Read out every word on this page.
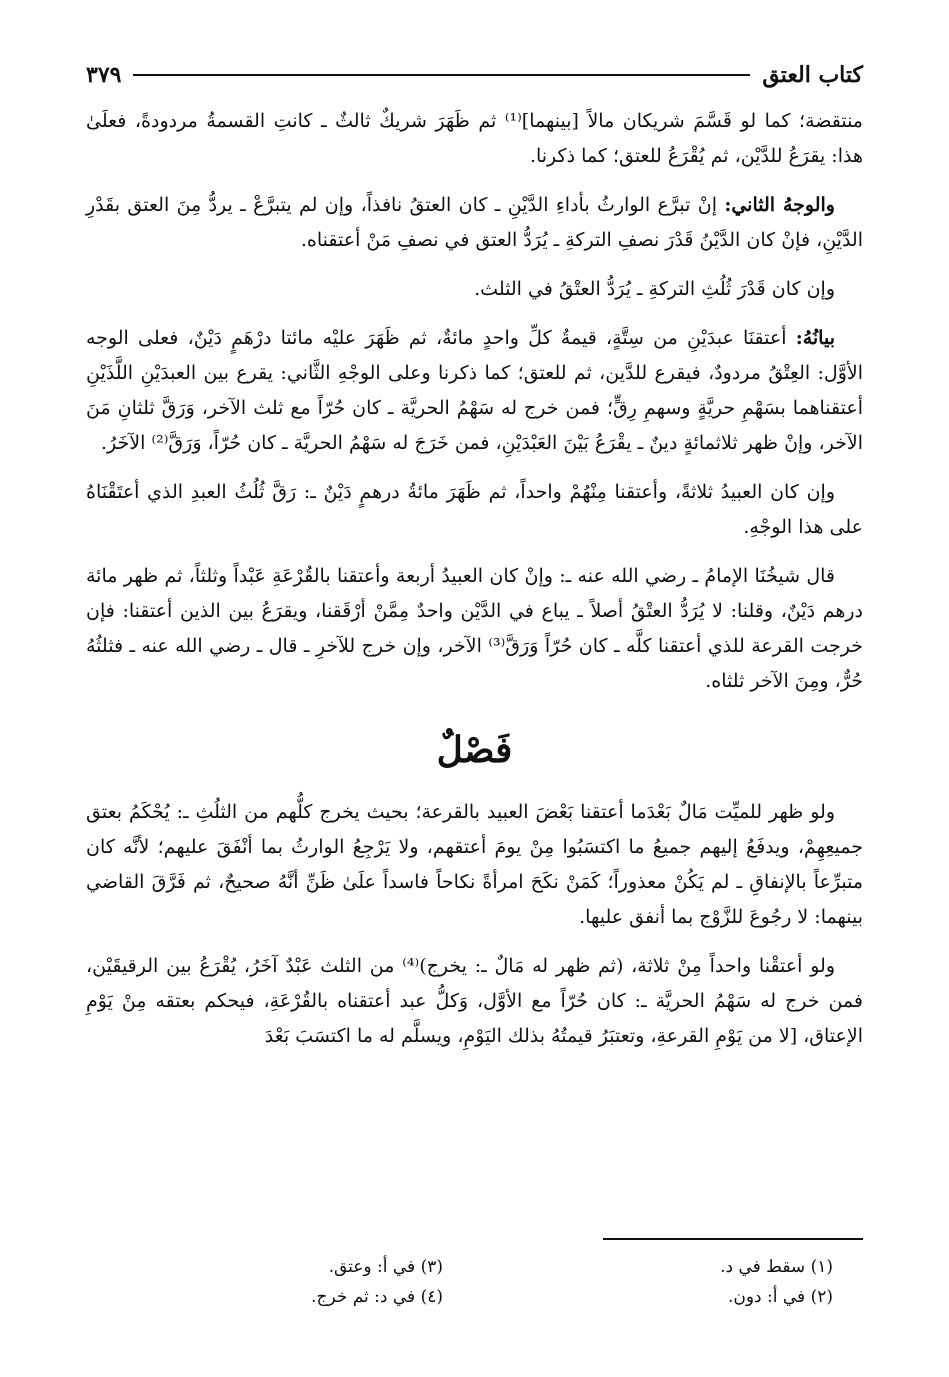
كتاب العتق
٣٧٩

منتقضة؛ كما لو قَسَّمَ شريكان مالاً [بينهما]⁽¹⁾ ثم ظَهَرَ شريكٌ ثالثٌ ـ كانتِ القسمةُ مردودةً، فعلَىٰ هذا: يقرَعُ للدَّيْن، ثم يُقْرَعُ للعتق؛ كما ذكرنا.

والوجهُ الثاني: إنْ تبرَّع الوارثُ بأداءِ الدَّيْنِ ـ كان العتقُ نافذاً، وإن لم يتبرَّعْ ـ يردُّ مِنَ العتق بقَدْرِ الدَّيْنِ، فإنْ كان الدَّيْنُ قَدْرَ نصفِ التركةِ ـ يُرَدُّ العتق في نصفِ مَنْ أعتقناه.

وإن كان قَدْرَ ثُلُثِ التركةِ ـ يُرَدُّ العتْقُ في الثلث.

بيانُهُ: أعتقنَا عبدَيْنِ من سِتَّةٍ، قيمةُ كلِّ واحدٍ مائةٌ، ثم ظَهَرَ عليْه مائتا درْهَمٍ دَيْنٌ، فعلى الوجه الأوَّل: العِتْقُ مردودٌ، فيقرع للدَّين، ثم للعتق؛ كما ذكرنا وعلى الوجْهِ الثَّاني: يقرع بين العبدَيْنِ اللَّذَيْنِ أعتقناهما بسَهْمِ حريَّةٍ وسهمِ رِقٍّ؛ فمن خرج له سَهْمُ الحريَّة ـ كان حُرّاً مع ثلث الآخر، وَرَقَّ ثلثانِ مَنَ الآخر، وإنْ ظهر ثلاثمائةٍ دينٌ ـ يقْرَعُ بَيْنَ العَبْدَيْنِ، فمن خَرَجَ له سَهْمُ الحريَّة ـ كان حُرّاً، وَرَقَّ⁽²⁾ الآخَرُ.

وإن كان العبيدُ ثلاثةً، وأعتقنا مِنْهُمْ واحداً، ثم ظَهَرَ مائةُ درهمٍ دَيْنٌ ـ: رَقَّ ثُلُثُ العبدِ الذي أعتَقْنَاهُ على هذا الوجْهِ.

قال شيخُنَا الإمامُ ـ رضي الله عنه ـ: وإنْ كان العبيدُ أربعة وأعتقنا بالقُرْعَةِ عَبْداً وثلثاً، ثم ظهر مائة درهم دَيْنٌ، وقلنا: لا يُرَدُّ العتْقُ أصلاً ـ يباع في الدَّيْن واحدٌ مِمَّنْ أرْقَقنا، ويقرَعُ بين الذين أعتقنا: فإن خرجت القرعة للذي أعتقنا كلَّه ـ كان حُرّاً وَرَقَّ⁽³⁾ الآخر، وإن خرج للآخرِ ـ قال ـ رضي الله عنه ـ فثلثُهُ حُرٌّ، ومِنَ الآخر ثلثاه.

فَصْلٌ

ولو ظهر للميِّت مَالٌ بَعْدَما أعتقنا بَعْضَ العبيد بالقرعة؛ بحيث يخرج كلُّهم من الثلُثِ ـ: يُحْكَمُ بعتق جميعِهِمْ، ويدفَعُ إليهم جميعُ ما اكتسَبُوا مِنْ يومَ أعتقهم، ولا يَرْجِعُ الوارثُ بما أنْفَقَ عليهم؛ لأنَّه كان متبرِّعاً بالإنفاقِ ـ لم يَكُنْ معذوراً؛ كَمَنْ نكَحَ امرأةً نكاحاً فاسداً علَىٰ ظَنِّ أنَّهُ صحيحٌ، ثم فَرَّقَ القاضي بينهما: لا رجُوعَ للزَّوْج بما أنفق عليها.

ولو أعتقْنا واحداً مِنْ ثلاثة، (ثم ظهر له مَالٌ ـ: يخرج)⁽⁴⁾ من الثلث عَبْدٌ آخَرُ، يُقْرَعُ بين الرقيقَيْن، فمن خرج له سَهْمُ الحريَّة ـ: كان حُرّاً مع الأوَّل، وَكلُّ عبد أعتقناه بالقُرْعَةِ، فيحكم بعتقه مِنْ يَوْمِ الإعتاق، [لا من يَوْمِ القرعةِ، وتعتبَرُ قيمتُهُ بذلك اليَوْمِ، ويسلَّم له ما اكتسَبَ بَعْدَ

(١) سقط في د.
(٢) في أ: دون.
(٣) في أ: وعتق.
(٤) في د: ثم خرج.
